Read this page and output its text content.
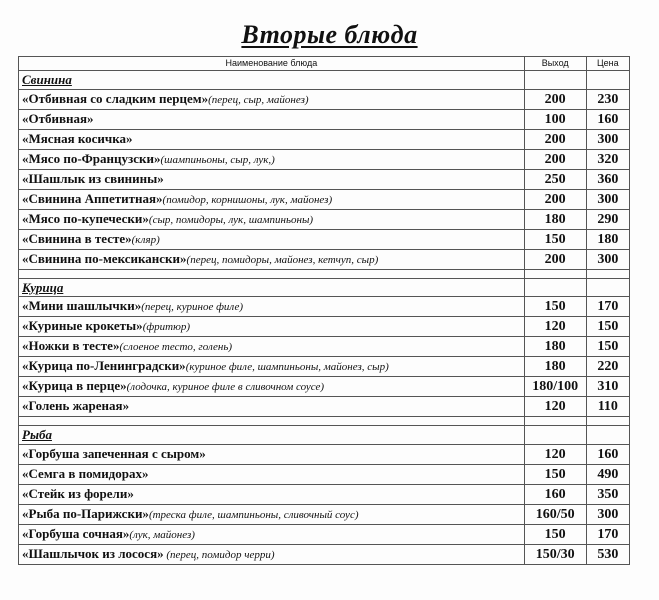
Вторые блюда
Наименование блюда	Выход	Цена
Свинина		
«Отбивная со сладким перцем»(перец, сыр, майонез)	200	230
«Отбивная»	100	160
«Мясная косичка»	200	300
«Мясо по-Французски»(шампиньоны, сыр, лук,)	200	320
«Шашлык из свинины»	250	360
«Свинина Аппетитная»(помидор, корнишоны, лук, майонез)	200	300
«Мясо по-купечески»(сыр, помидоры, лук, шампиньоны)	180	290
«Свинина в тесте»(кляр)	150	180
«Свинина по-мексикански»(перец, помидоры, майонез, кетчуп, сыр)	200	300

Курица		
«Мини шашлычки»(перец, куриное филе)	150	170
«Куриные крокеты»(фритюр)	120	150
«Ножки в тесте»(слоеное тесто, голень)	180	150
«Курица по-Ленинградски»(куриное филе, шампиньоны, майонез, сыр)	180	220
«Курица в перце»(лодочка, куриное филе в сливочном соусе)	180/100	310
«Голень жареная»	120	110

Рыба		
«Горбуша запеченная с сыром»	120	160
«Семга в помидорах»	150	490
«Стейк из форели»	160	350
«Рыба по-Парижски»(треска филе, шампиньоны, сливочный соус)	160/50	300
«Горбуша сочная»(лук, майонез)	150	170
«Шашлычок из лосося» (перец, помидор черри)	150/30	530
